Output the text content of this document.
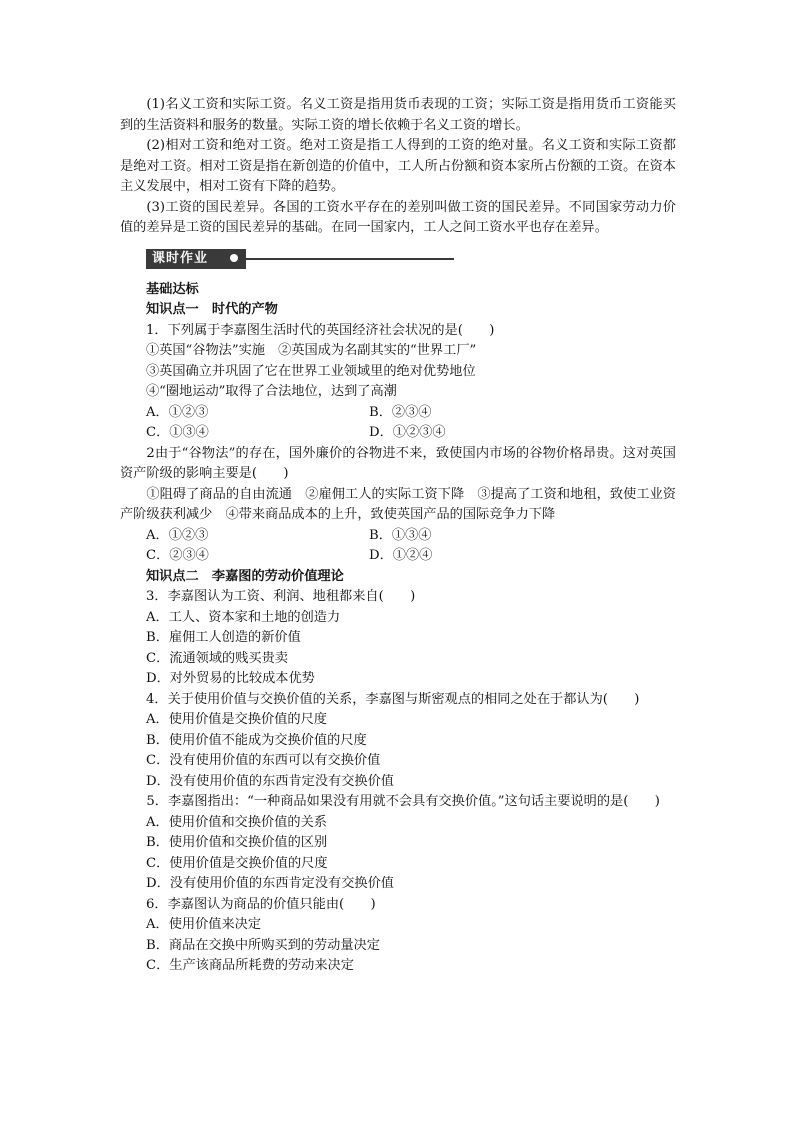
(1)名义工资和实际工资。名义工资是指用货币表现的工资；实际工资是指用货币工资能买到的生活资料和服务的数量。实际工资的增长依赖于名义工资的增长。

(2)相对工资和绝对工资。绝对工资是指工人得到的工资的绝对量。名义工资和实际工资都是绝对工资。相对工资是指在新创造的价值中，工人所占份额和资本家所占份额的工资。在资本主义发展中，相对工资有下降的趋势。

(3)工资的国民差异。各国的工资水平存在的差别叫做工资的国民差异。不同国家劳动力价值的差异是工资的国民差异的基础。在同一国家内，工人之间工资水平也存在差异。

课时作业

基础达标

知识点一　时代的产物

1．下列属于李嘉图生活时代的英国经济社会状况的是(　　)

①英国“谷物法”实施　②英国成为名副其实的“世界工厂”

③英国确立并巩固了它在世界工业领域里的绝对优势地位

④“圈地运动”取得了合法地位，达到了高潮

A．①②③	B．②③④
C．①③④	D．①②③④

2由于“谷物法”的存在，国外廉价的谷物进不来，致使国内市场的谷物价格昂贵。这对英国资产阶级的影响主要是(　　)

①阻碍了商品的自由流通　②雇佣工人的实际工资下降　③提高了工资和地租，致使工业资产阶级获利减少　④带来商品成本的上升，致使英国产品的国际竞争力下降

A．①②③	B．①③④
C．②③④	D．①②④

知识点二　李嘉图的劳动价值理论

3．李嘉图认为工资、利润、地租都来自(　　)

A．工人、资本家和土地的创造力

B．雇佣工人创造的新价值

C．流通领域的贱买贵卖

D．对外贸易的比较成本优势

4．关于使用价值与交换价值的关系，李嘉图与斯密观点的相同之处在于都认为(　　)

A．使用价值是交换价值的尺度

B．使用价值不能成为交换价值的尺度

C．没有使用价值的东西可以有交换价值

D．没有使用价值的东西肯定没有交换价值

5．李嘉图指出：“一种商品如果没有用就不会具有交换价值。”这句话主要说明的是(　　)

A．使用价值和交换价值的关系

B．使用价值和交换价值的区别

C．使用价值是交换价值的尺度

D．没有使用价值的东西肯定没有交换价值

6．李嘉图认为商品的价值只能由(　　)

A．使用价值来决定

B．商品在交换中所购买到的劳动量决定

C．生产该商品所耗费的劳动来决定
